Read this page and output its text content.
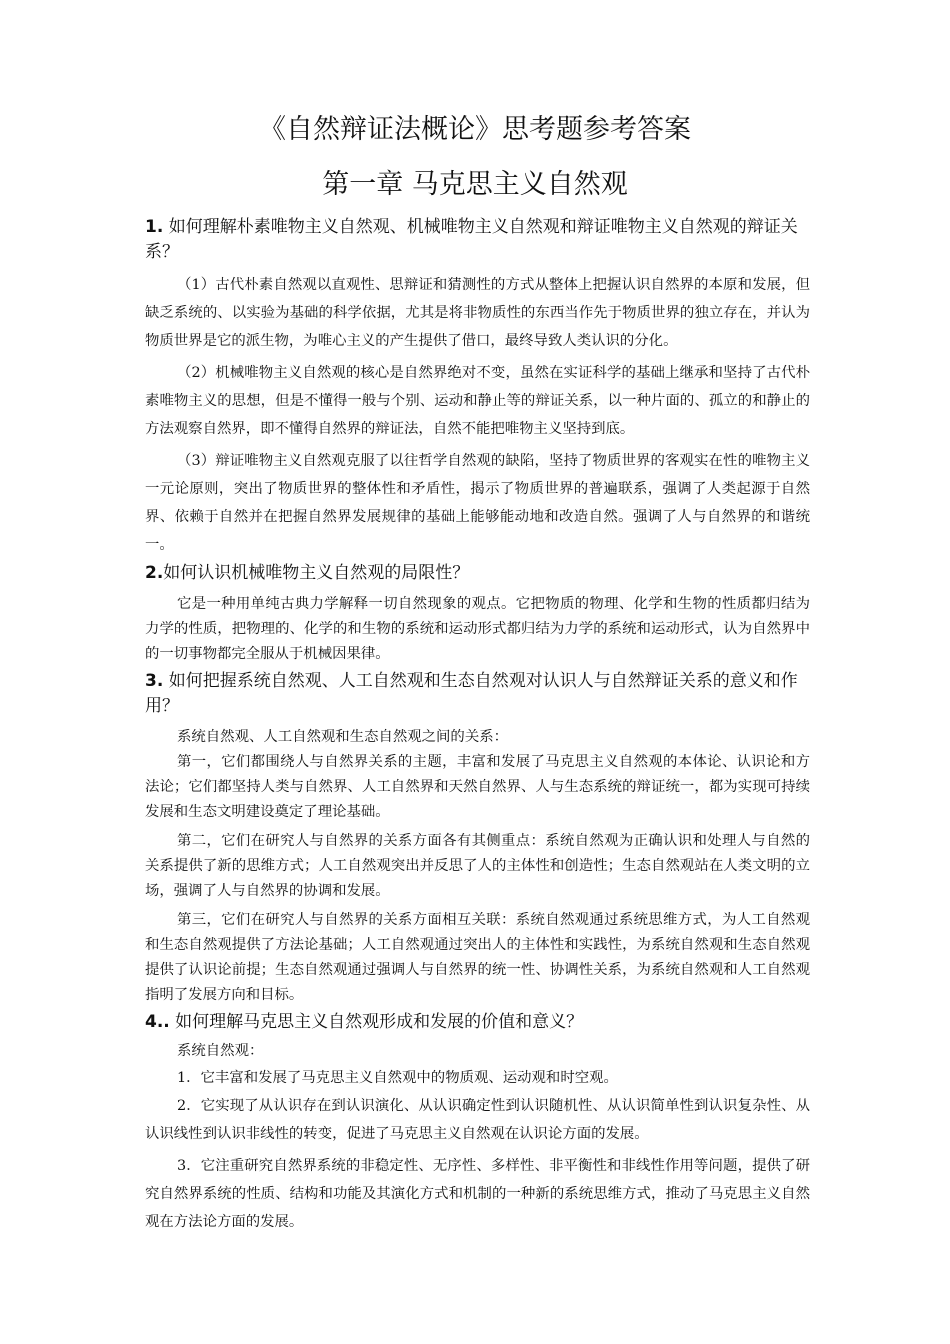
《自然辩证法概论》思考题参考答案
第一章 马克思主义自然观

1. 如何理解朴素唯物主义自然观、机械唯物主义自然观和辩证唯物主义自然观的辩证关系？

（1）古代朴素自然观以直观性、思辩证和猜测性的方式从整体上把握认识自然界的本原和发展，但缺乏系统的、以实验为基础的科学依据，尤其是将非物质性的东西当作先于物质世界的独立存在，并认为物质世界是它的派生物，为唯心主义的产生提供了借口，最终导致人类认识的分化。

（2）机械唯物主义自然观的核心是自然界绝对不变，虽然在实证科学的基础上继承和坚持了古代朴素唯物主义的思想，但是不懂得一般与个别、运动和静止等的辩证关系，以一种片面的、孤立的和静止的方法观察自然界，即不懂得自然界的辩证法，自然不能把唯物主义坚持到底。

（3）辩证唯物主义自然观克服了以往哲学自然观的缺陷，坚持了物质世界的客观实在性的唯物主义一元论原则，突出了物质世界的整体性和矛盾性，揭示了物质世界的普遍联系，强调了人类起源于自然界、依赖于自然并在把握自然界发展规律的基础上能够能动地和改造自然。强调了人与自然界的和谐统一。

2.如何认识机械唯物主义自然观的局限性？

它是一种用单纯古典力学解释一切自然现象的观点。它把物质的物理、化学和生物的性质都归结为力学的性质，把物理的、化学的和生物的系统和运动形式都归结为力学的系统和运动形式，认为自然界中的一切事物都完全服从于机械因果律。

3. 如何把握系统自然观、人工自然观和生态自然观对认识人与自然辩证关系的意义和作用？

系统自然观、人工自然观和生态自然观之间的关系：

第一，它们都围绕人与自然界关系的主题，丰富和发展了马克思主义自然观的本体论、认识论和方法论；它们都坚持人类与自然界、人工自然界和天然自然界、人与生态系统的辩证统一，都为实现可持续发展和生态文明建设奠定了理论基础。

第二，它们在研究人与自然界的关系方面各有其侧重点：系统自然观为正确认识和处理人与自然的关系提供了新的思维方式；人工自然观突出并反思了人的主体性和创造性；生态自然观站在人类文明的立场，强调了人与自然界的协调和发展。

第三，它们在研究人与自然界的关系方面相互关联：系统自然观通过系统思维方式，为人工自然观和生态自然观提供了方法论基础；人工自然观通过突出人的主体性和实践性，为系统自然观和生态自然观提供了认识论前提；生态自然观通过强调人与自然界的统一性、协调性关系，为系统自然观和人工自然观指明了发展方向和目标。

4.. 如何理解马克思主义自然观形成和发展的价值和意义？

系统自然观：

1．它丰富和发展了马克思主义自然观中的物质观、运动观和时空观。

2．它实现了从认识存在到认识演化、从认识确定性到认识随机性、从认识简单性到认识复杂性、从认识线性到认识非线性的转变，促进了马克思主义自然观在认识论方面的发展。

3．它注重研究自然界系统的非稳定性、无序性、多样性、非平衡性和非线性作用等问题，提供了研究自然界系统的性质、结构和功能及其演化方式和机制的一种新的系统思维方式，推动了马克思主义自然观在方法论方面的发展。
